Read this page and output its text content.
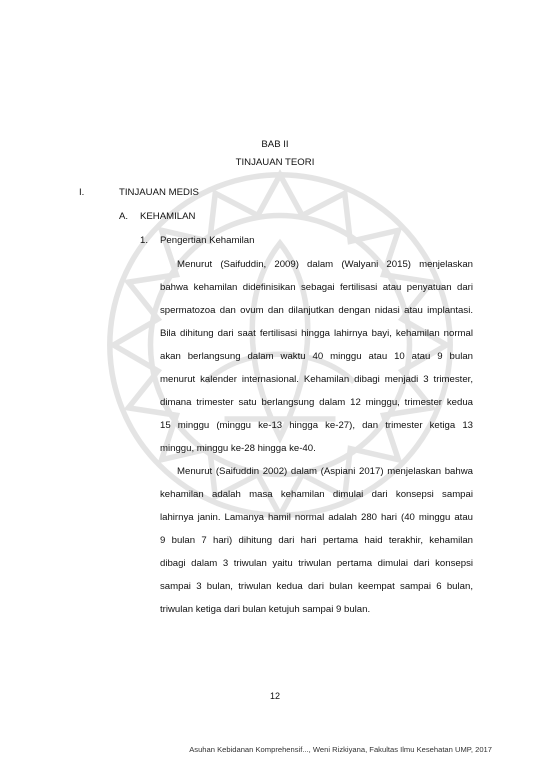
BAB II
TINJAUAN TEORI
I.	TINJAUAN MEDIS
A. KEHAMILAN
1. Pengertian Kehamilan
Menurut (Saifuddin, 2009) dalam (Walyani 2015) menjelaskan
bahwa kehamilan didefinisikan sebagai fertilisasi atau penyatuan dari
spermatozoa dan ovum dan dilanjutkan dengan nidasi atau implantasi.
Bila dihitung dari saat fertilisasi hingga lahirnya bayi, kehamilan normal
akan berlangsung dalam waktu 40 minggu atau 10 atau 9 bulan
menurut kalender internasional. Kehamilan dibagi menjadi 3 trimester,
dimana trimester satu berlangsung dalam 12 minggu, trimester kedua
15 minggu (minggu ke-13 hingga ke-27), dan trimester ketiga 13
minggu, minggu ke-28 hingga ke-40.
Menurut (Saifuddin 2002) dalam (Aspiani 2017) menjelaskan bahwa
kehamilan adalah masa kehamilan dimulai dari konsepsi sampai
lahirnya janin. Lamanya hamil normal adalah 280 hari (40 minggu atau
9 bulan 7 hari) dihitung dari hari pertama haid terakhir, kehamilan
dibagi dalam 3 triwulan yaitu triwulan pertama dimulai dari konsepsi
sampai 3 bulan, triwulan kedua dari bulan keempat sampai 6 bulan,
triwulan ketiga dari bulan ketujuh sampai 9 bulan.
12
Asuhan Kebidanan Komprehensif..., Weni Rizkiyana, Fakultas Ilmu Kesehatan UMP, 2017
